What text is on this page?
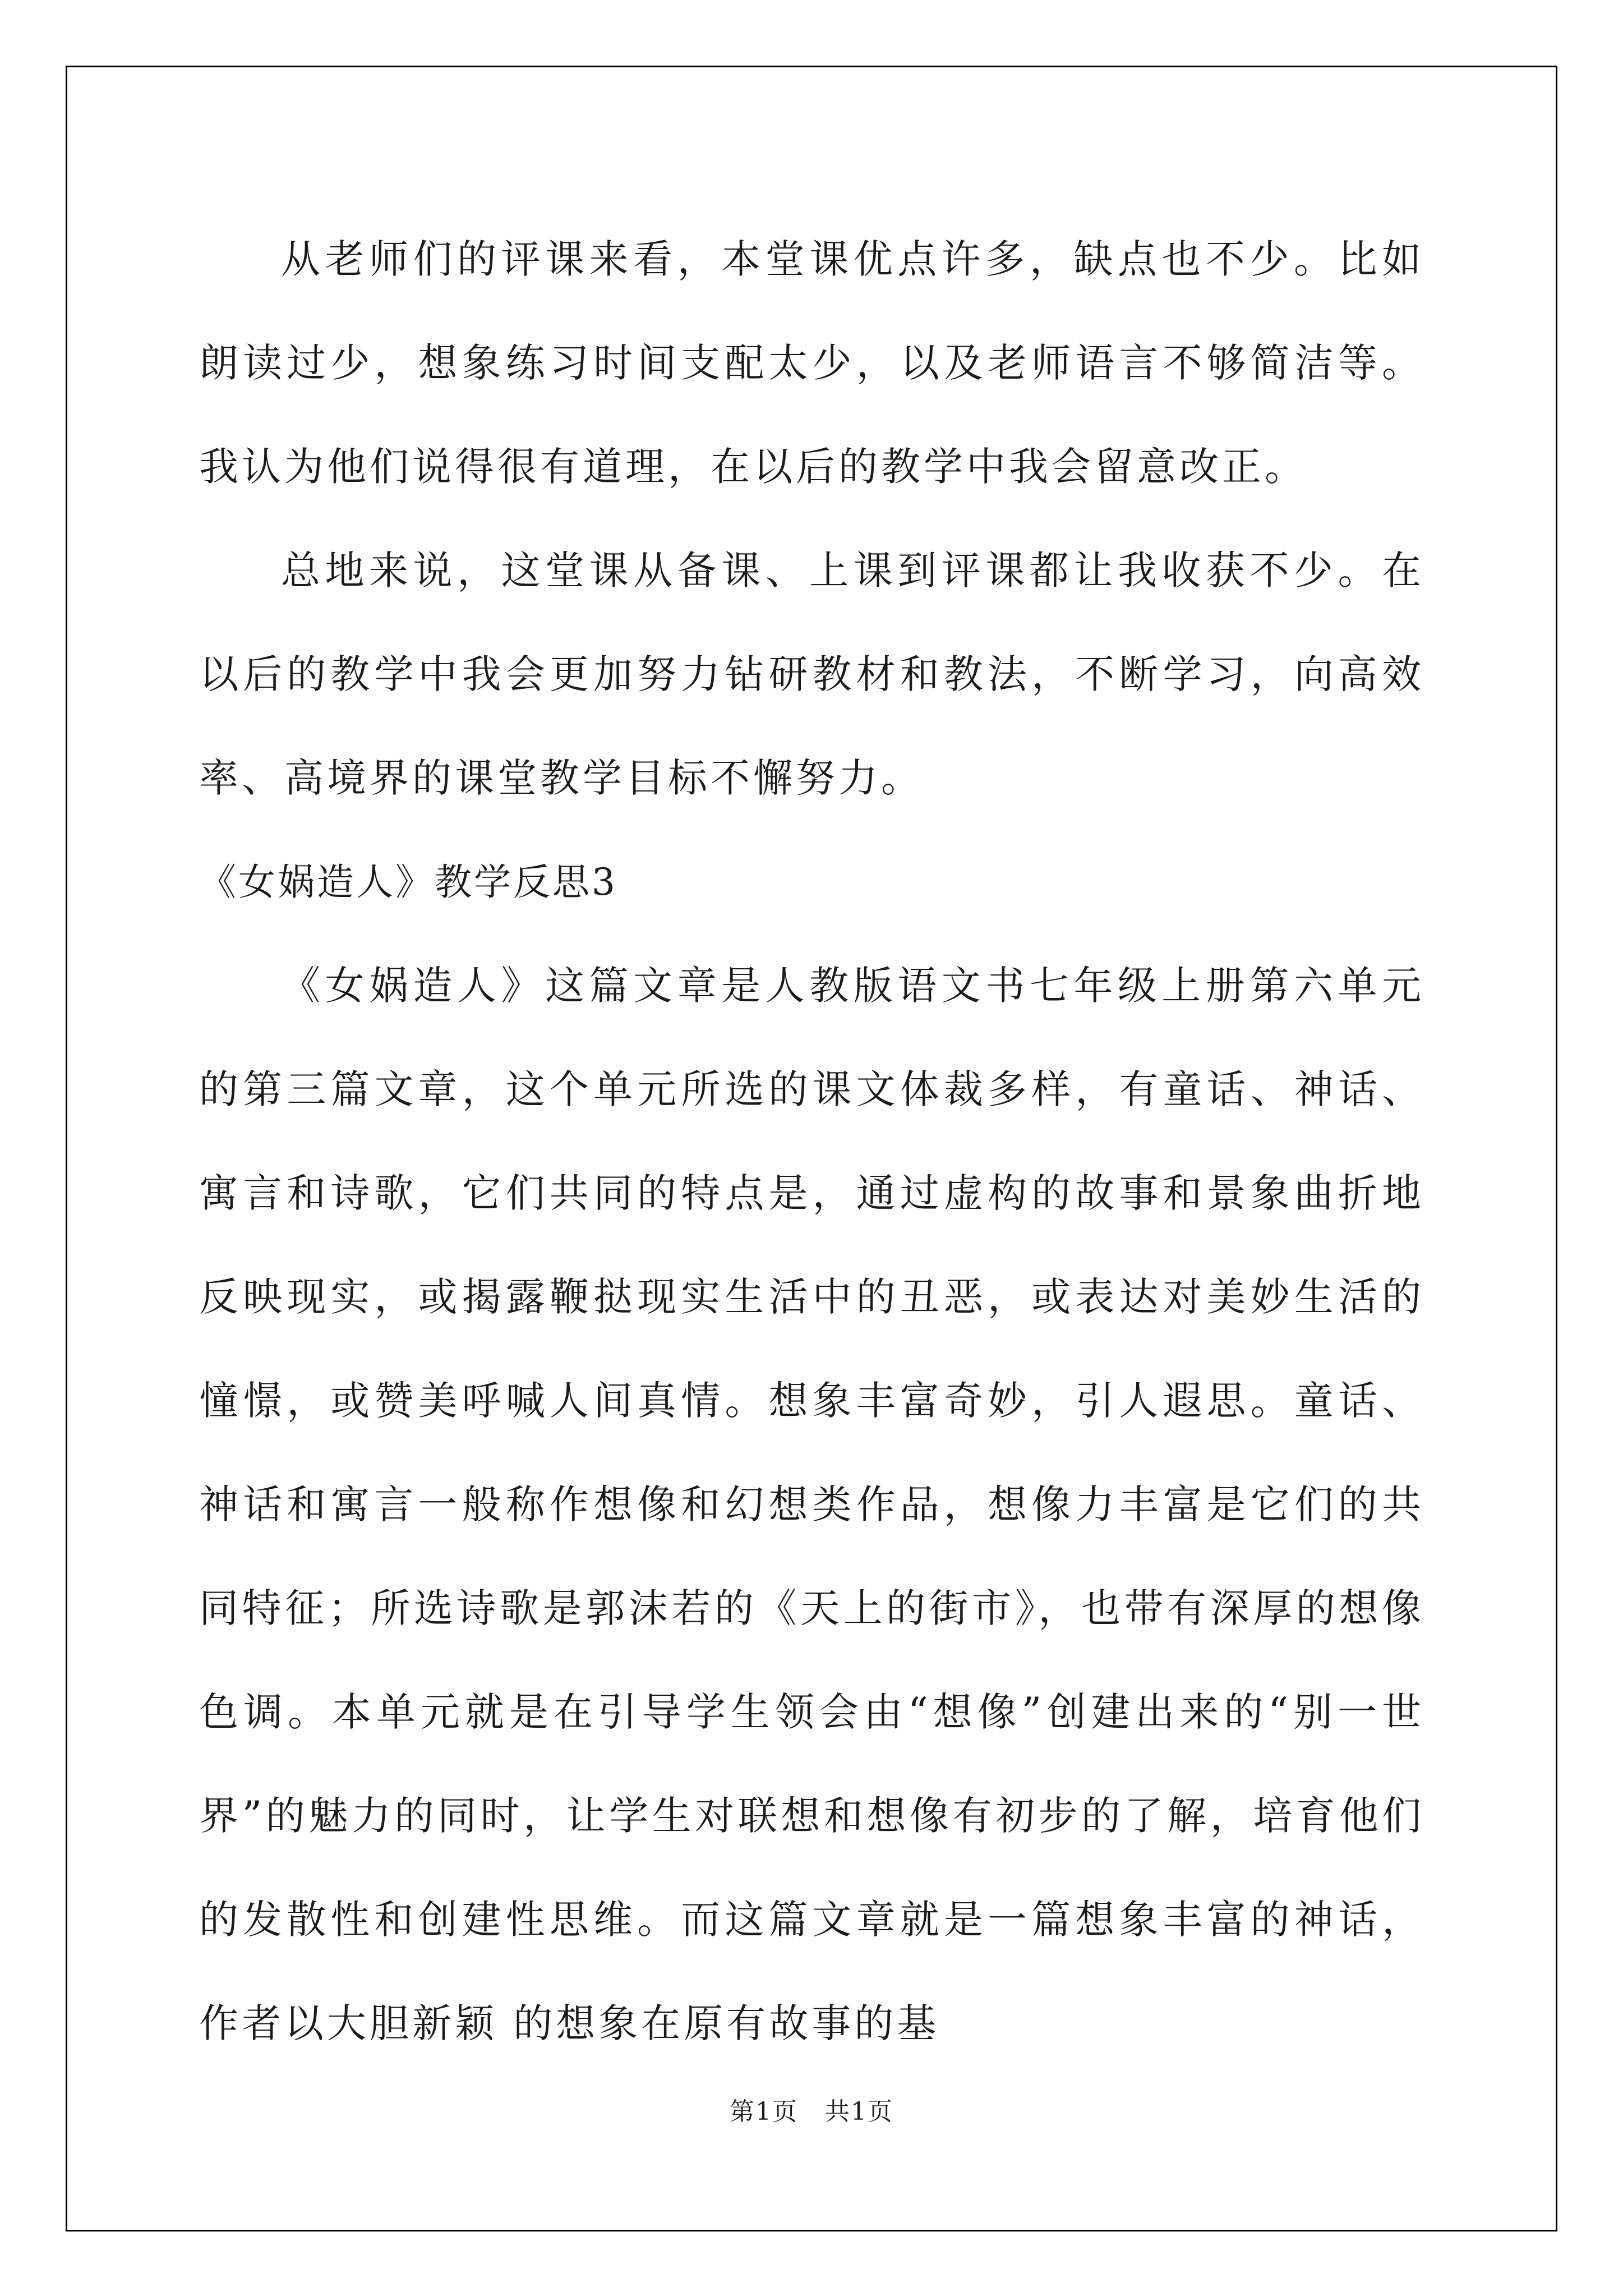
从老师们的评课来看，本堂课优点许多，缺点也不少。比如朗读过少，想象练习时间支配太少，以及老师语言不够简洁等。我认为他们说得很有道理，在以后的教学中我会留意改正。

总地来说，这堂课从备课、上课到评课都让我收获不少。在以后的教学中我会更加努力钻研教材和教法，不断学习，向高效率、高境界的课堂教学目标不懈努力。

《女娲造人》教学反思3

《女娲造人》这篇文章是人教版语文书七年级上册第六单元的第三篇文章，这个单元所选的课文体裁多样，有童话、神话、寓言和诗歌，它们共同的特点是，通过虚构的故事和景象曲折地反映现实，或揭露鞭挞现实生活中的丑恶，或表达对美妙生活的憧憬，或赞美呼喊人间真情。想象丰富奇妙，引人遐思。童话、神话和寓言一般称作想像和幻想类作品，想像力丰富是它们的共同特征；所选诗歌是郭沫若的《天上的街市》，也带有深厚的想像色调。本单元就是在引导学生领会由“想像”创建出来的“别一世界”的魅力的同时，让学生对联想和想像有初步的了解，培育他们的发散性和创建性思维。而这篇文章就是一篇想象丰富的神话，作者以大胆新颖 的想象在原有故事的基

第1页   共1页
